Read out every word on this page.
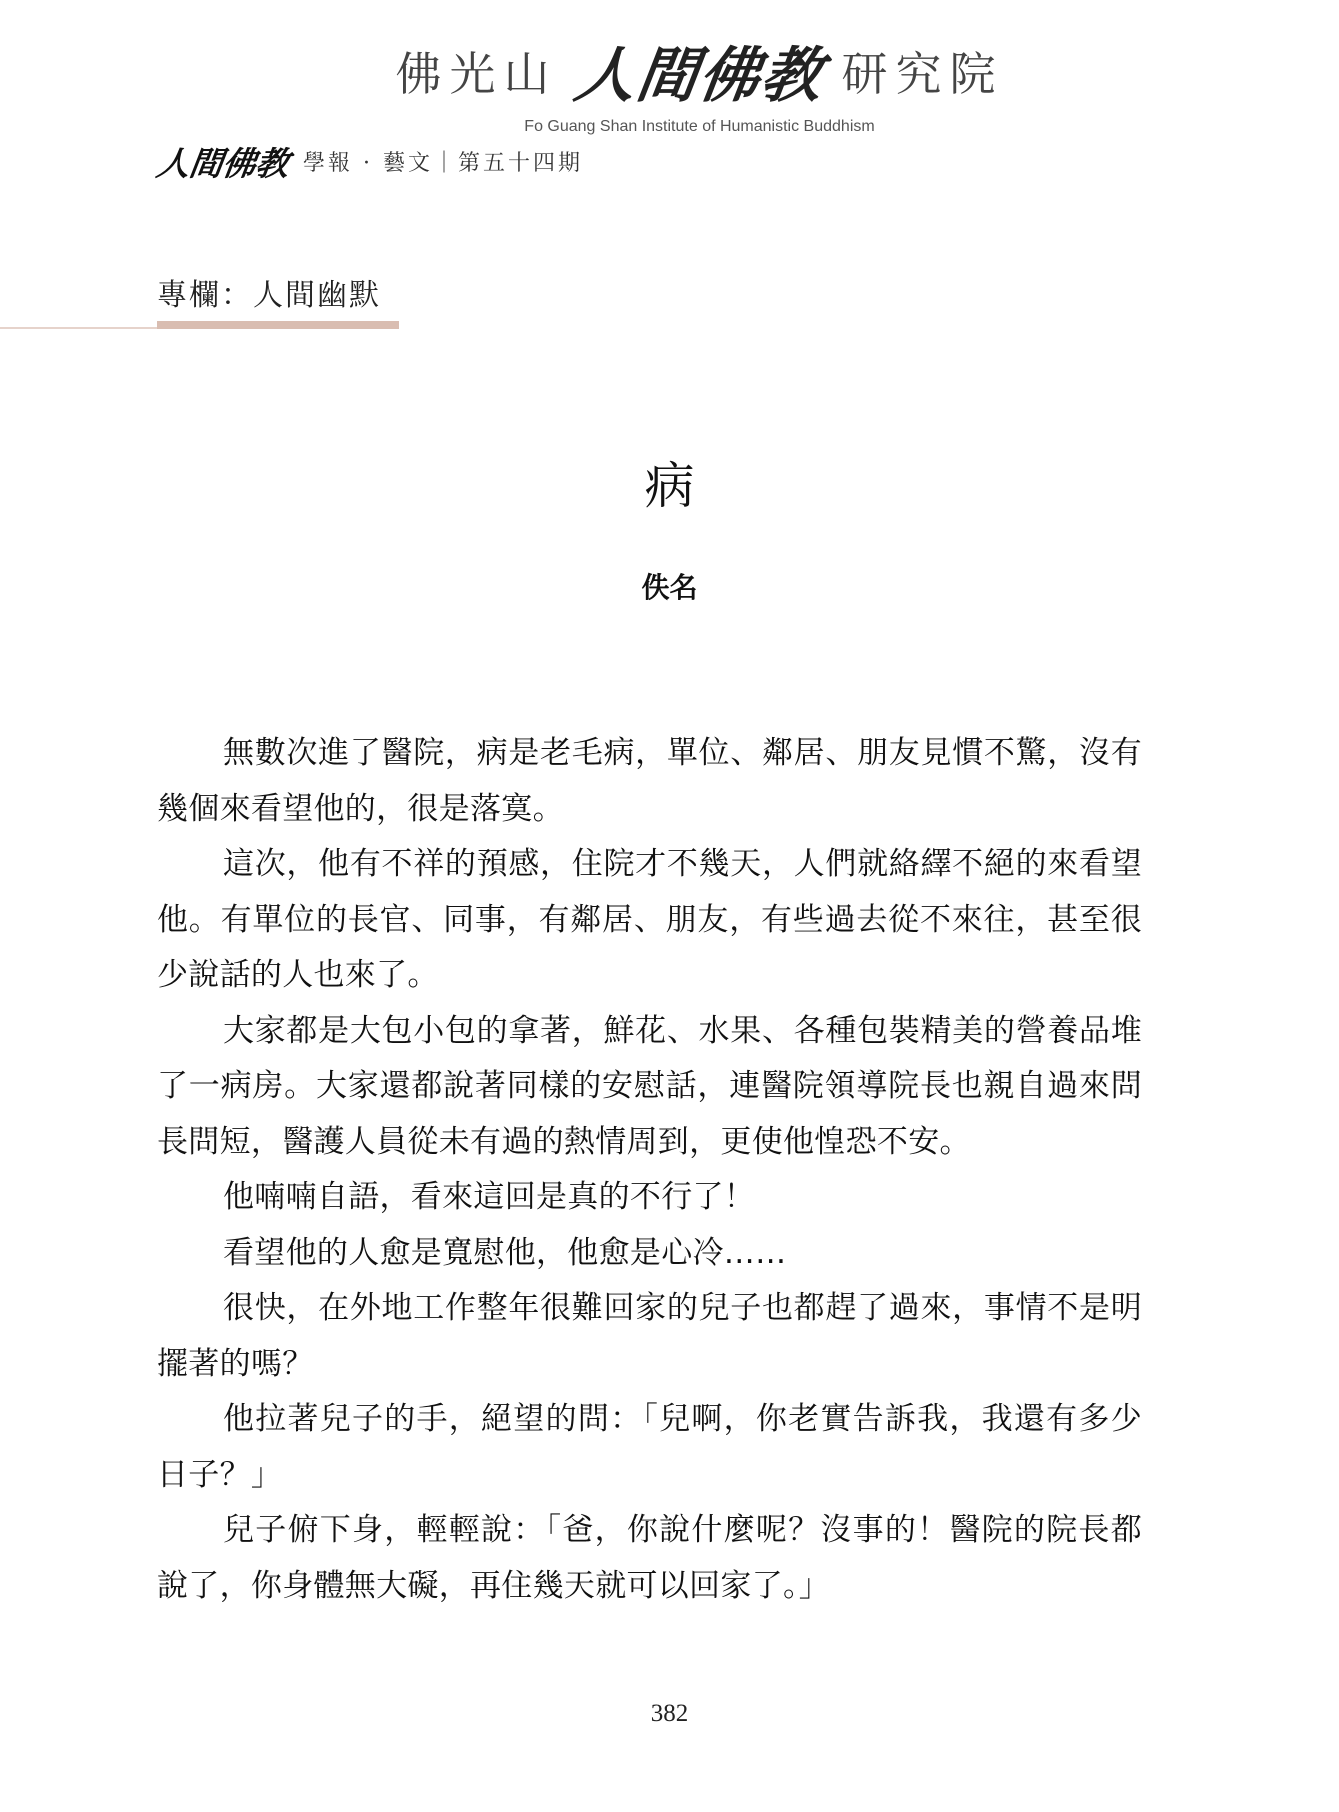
佛光山 人間佛教 研究院
Fo Guang Shan Institute of Humanistic Buddhism
人間佛教 學報 · 藝文｜第五十四期
專欄：人間幽默
病
佚名

無數次進了醫院，病是老毛病，單位、鄰居、朋友見慣不驚，沒有幾個來看望他的，很是落寞。

這次，他有不祥的預感，住院才不幾天，人們就絡繹不絕的來看望他。有單位的長官、同事，有鄰居、朋友，有些過去從不來往，甚至很少說話的人也來了。

大家都是大包小包的拿著，鮮花、水果、各種包裝精美的營養品堆了一病房。大家還都說著同樣的安慰話，連醫院領導院長也親自過來問長問短，醫護人員從未有過的熱情周到，更使他惶恐不安。

他喃喃自語，看來這回是真的不行了！

看望他的人愈是寬慰他，他愈是心冷……

很快，在外地工作整年很難回家的兒子也都趕了過來，事情不是明擺著的嗎？

他拉著兒子的手，絕望的問：「兒啊，你老實告訴我，我還有多少日子？」

兒子俯下身，輕輕說：「爸，你說什麼呢？沒事的！醫院的院長都說了，你身體無大礙，再住幾天就可以回家了。」

382
